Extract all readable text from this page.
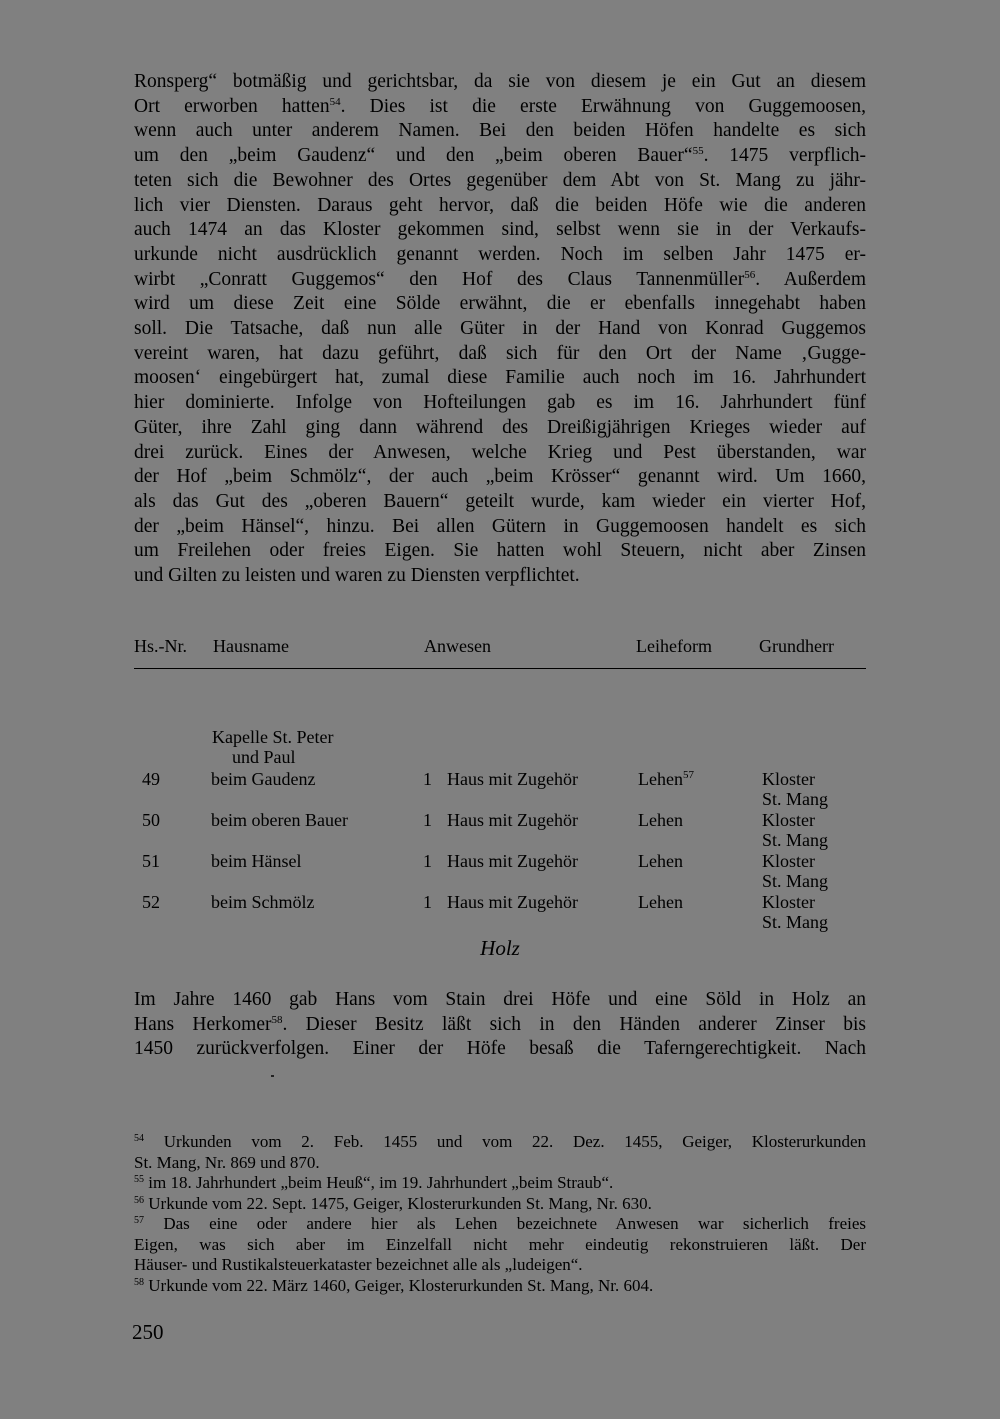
Ronsperg“ botmäßig und gerichtsbar, da sie von diesem je ein Gut an diesem
Ort erworben hatten$^{54}$. Dies ist die erste Erwähnung von Guggemoosen,
wenn auch unter anderem Namen. Bei den beiden Höfen handelte es sich
um den „beim Gaudenz“ und den „beim oberen Bauer“$^{55}$. 1475 verpflich-
teten sich die Bewohner des Ortes gegenüber dem Abt von St. Mang zu jähr-
lich vier Diensten. Daraus geht hervor, daß die beiden Höfe wie die anderen
auch 1474 an das Kloster gekommen sind, selbst wenn sie in der Verkaufs-
urkunde nicht ausdrücklich genannt werden. Noch im selben Jahr 1475 er-
wirbt „Conratt Guggemos“ den Hof des Claus Tannenmüller$^{56}$. Außerdem
wird um diese Zeit eine Sölde erwähnt, die er ebenfalls innegehabt haben
soll. Die Tatsache, daß nun alle Güter in der Hand von Konrad Guggemos
vereint waren, hat dazu geführt, daß sich für den Ort der Name ‚Gugge-
moosen‘ eingebürgert hat, zumal diese Familie auch noch im 16. Jahrhundert
hier dominierte. Infolge von Hofteilungen gab es im 16. Jahrhundert fünf
Güter, ihre Zahl ging dann während des Dreißigjährigen Krieges wieder auf
drei zurück. Eines der Anwesen, welche Krieg und Pest überstanden, war
der Hof „beim Schmölz“, der auch „beim Krösser“ genannt wird. Um 1660,
als das Gut des „oberen Bauern“ geteilt wurde, kam wieder ein vierter Hof,
der „beim Hänsel“, hinzu. Bei allen Gütern in Guggemoosen handelt es sich
um Freilehen oder freies Eigen. Sie hatten wohl Steuern, nicht aber Zinsen
und Gilten zu leisten und waren zu Diensten verpflichtet.

Hs.-Nr. Hausname	Anwesen	Leiheform	Grundherr
Kapelle St. Peter
und Paul
49	beim Gaudenz	1 Haus mit Zugehör	Lehen$^{57}$	Kloster
St. Mang
50	beim oberen Bauer	1 Haus mit Zugehör	Lehen	Kloster
St. Mang
51	beim Hänsel	1 Haus mit Zugehör	Lehen	Kloster
St. Mang
52	beim Schmölz	1 Haus mit Zugehör	Lehen	Kloster
St. Mang
Holz
Im Jahre 1460 gab Hans vom Stain drei Höfe und eine Söld in Holz an
Hans Herkomer$^{58}$. Dieser Besitz läßt sich in den Händen anderer Zinser bis
1450 zurückverfolgen. Einer der Höfe besaß die Taferngerechtigkeit. Nach
$^{54}$ Urkunden vom 2. Feb. 1455 und vom 22. Dez. 1455, Geiger, Klosterurkunden
St. Mang, Nr. 869 und 870.
$^{55}$ im 18. Jahrhundert „beim Heuß“, im 19. Jahrhundert „beim Straub“.
$^{56}$ Urkunde vom 22. Sept. 1475, Geiger, Klosterurkunden St. Mang, Nr. 630.
$^{57}$ Das eine oder andere hier als Lehen bezeichnete Anwesen war sicherlich freies
Eigen, was sich aber im Einzelfall nicht mehr eindeutig rekonstruieren läßt. Der
Häuser- und Rustikalsteuerkataster bezeichnet alle als „ludeigen“.
$^{58}$ Urkunde vom 22. März 1460, Geiger, Klosterurkunden St. Mang, Nr. 604.
250
